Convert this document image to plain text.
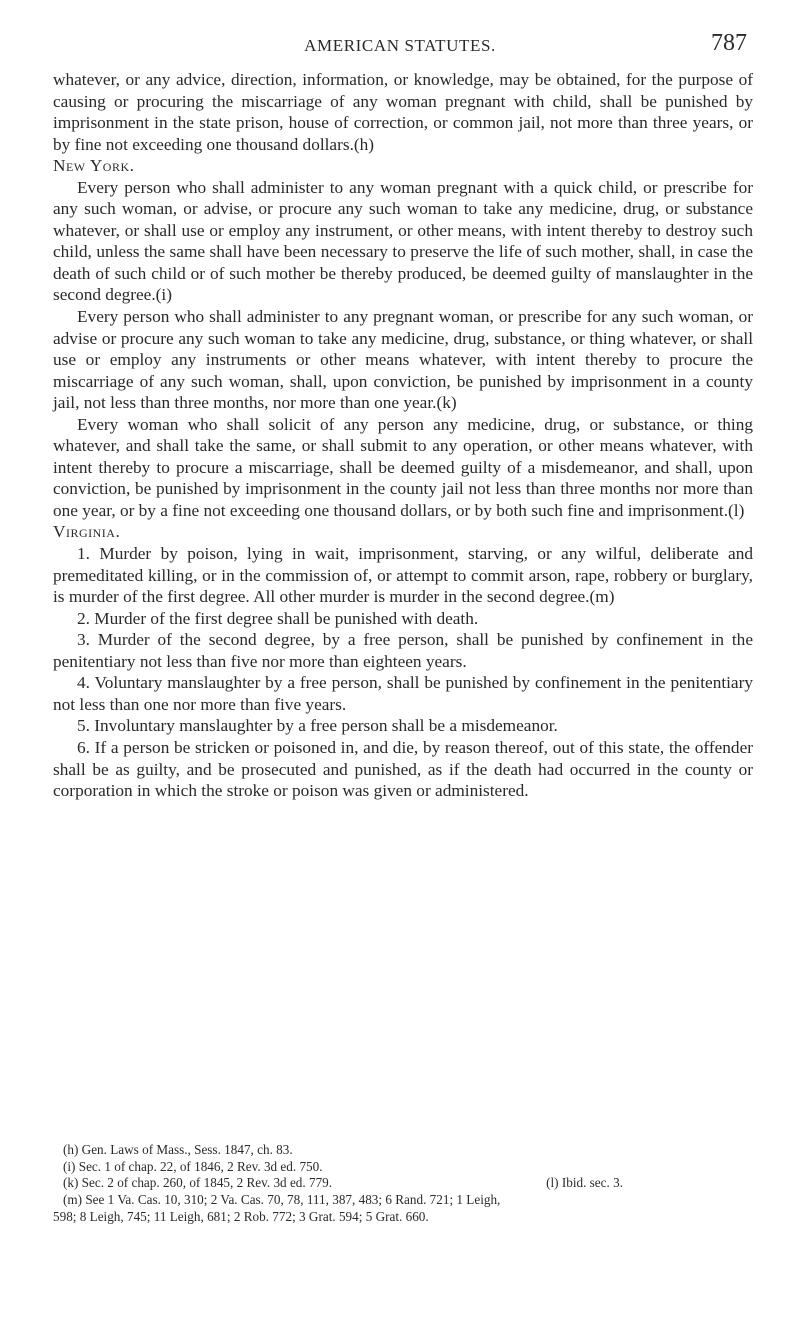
AMERICAN STATUTES.	787

whatever, or any advice, direction, information, or knowledge, may be obtained, for the purpose of causing or procuring the miscarriage of any woman pregnant with child, shall be punished by imprisonment in the state prison, house of correction, or common jail, not more than three years, or by fine not exceeding one thousand dollars.(h)

New York.

Every person who shall administer to any woman pregnant with a quick child, or prescribe for any such woman, or advise, or procure any such woman to take any medicine, drug, or substance whatever, or shall use or employ any instrument, or other means, with intent thereby to destroy such child, unless the same shall have been necessary to preserve the life of such mother, shall, in case the death of such child or of such mother be thereby produced, be deemed guilty of manslaughter in the second degree.(i)

Every person who shall administer to any pregnant woman, or prescribe for any such woman, or advise or procure any such woman to take any medicine, drug, substance, or thing whatever, or shall use or employ any instruments or other means whatever, with intent thereby to procure the miscarriage of any such woman, shall, upon conviction, be punished by imprisonment in a county jail, not less than three months, nor more than one year.(k)

Every woman who shall solicit of any person any medicine, drug, or substance, or thing whatever, and shall take the same, or shall submit to any operation, or other means whatever, with intent thereby to procure a miscarriage, shall be deemed guilty of a misdemeanor, and shall, upon conviction, be punished by imprisonment in the county jail not less than three months nor more than one year, or by a fine not exceeding one thousand dollars, or by both such fine and imprisonment.(l)

Virginia.

1. Murder by poison, lying in wait, imprisonment, starving, or any wilful, deliberate and premeditated killing, or in the commission of, or attempt to commit arson, rape, robbery or burglary, is murder of the first degree. All other murder is murder in the second degree.(m)

2. Murder of the first degree shall be punished with death.

3. Murder of the second degree, by a free person, shall be punished by confinement in the penitentiary not less than five nor more than eighteen years.

4. Voluntary manslaughter by a free person, shall be punished by confinement in the penitentiary not less than one nor more than five years.

5. Involuntary manslaughter by a free person shall be a misdemeanor.

6. If a person be stricken or poisoned in, and die, by reason thereof, out of this state, the offender shall be as guilty, and be prosecuted and punished, as if the death had occurred in the county or corporation in which the stroke or poison was given or administered.

(h) Gen. Laws of Mass., Sess. 1847, ch. 83.

(i) Sec. 1 of chap. 22, of 1846, 2 Rev. 3d ed. 750.

(k) Sec. 2 of chap. 260, of 1845, 2 Rev. 3d ed. 779.	(l) Ibid. sec. 3.

(m) See 1 Va. Cas. 10, 310; 2 Va. Cas. 70, 78, 111, 387, 483; 6 Rand. 721; 1 Leigh,

598; 8 Leigh, 745; 11 Leigh, 681; 2 Rob. 772; 3 Grat. 594; 5 Grat. 660.
